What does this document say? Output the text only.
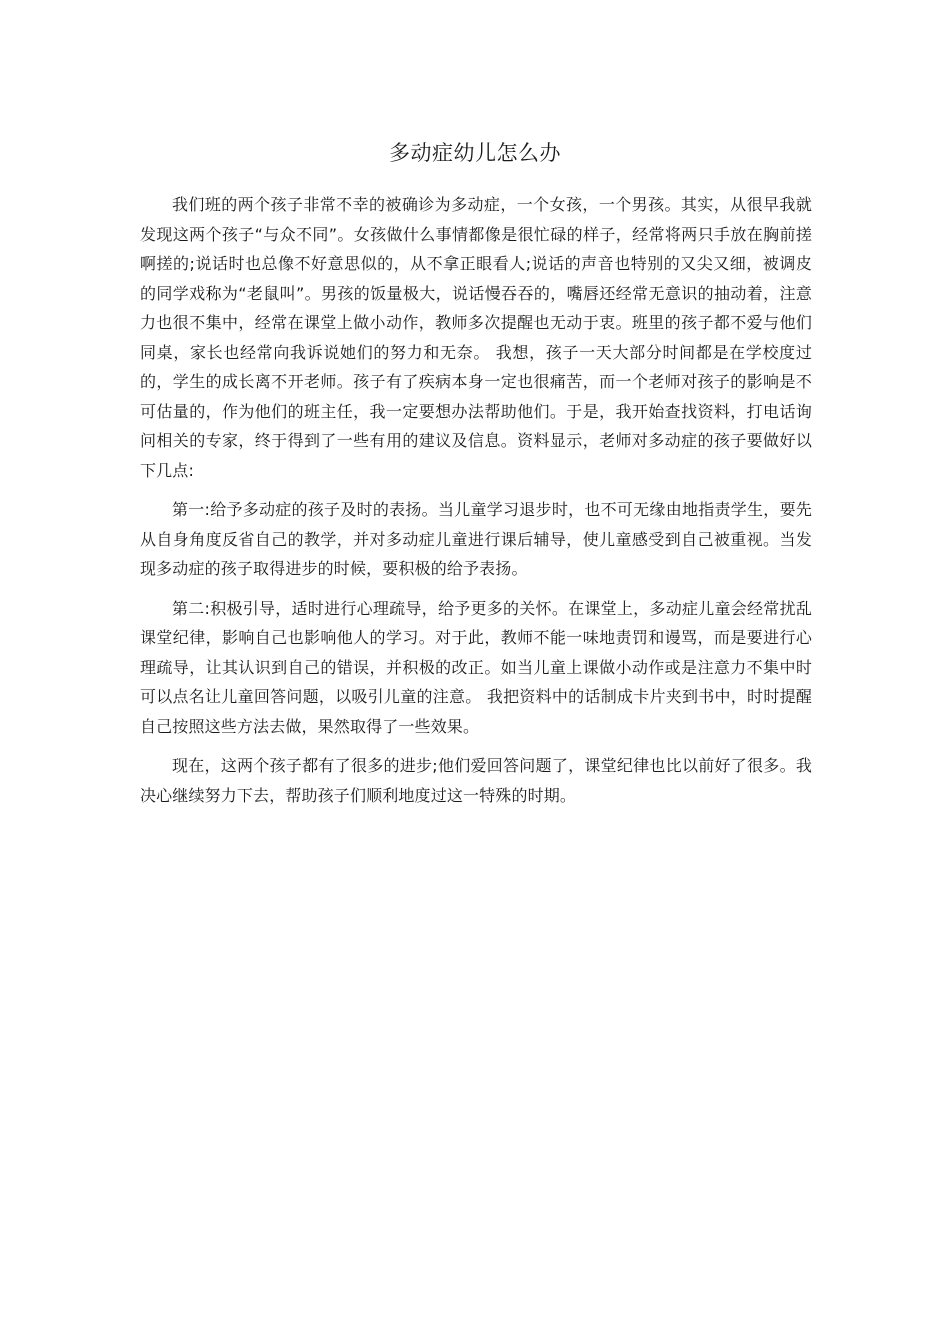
多动症幼儿怎么办

我们班的两个孩子非常不幸的被确诊为多动症，一个女孩，一个男孩。其实，从很早我就发现这两个孩子“与众不同”。女孩做什么事情都像是很忙碌的样子，经常将两只手放在胸前搓啊搓的;说话时也总像不好意思似的，从不拿正眼看人;说话的声音也特别的又尖又细，被调皮的同学戏称为“老鼠叫”。男孩的饭量极大，说话慢吞吞的，嘴唇还经常无意识的抽动着，注意力也很不集中，经常在课堂上做小动作，教师多次提醒也无动于衷。班里的孩子都不爱与他们同桌，家长也经常向我诉说她们的努力和无奈。 我想，孩子一天大部分时间都是在学校度过的，学生的成长离不开老师。孩子有了疾病本身一定也很痛苦，而一个老师对孩子的影响是不可估量的，作为他们的班主任，我一定要想办法帮助他们。于是，我开始查找资料，打电话询问相关的专家，终于得到了一些有用的建议及信息。资料显示，老师对多动症的孩子要做好以下几点:

第一:给予多动症的孩子及时的表扬。当儿童学习退步时，也不可无缘由地指责学生，要先从自身角度反省自己的教学，并对多动症儿童进行课后辅导，使儿童感受到自己被重视。当发现多动症的孩子取得进步的时候，要积极的给予表扬。

第二:积极引导，适时进行心理疏导，给予更多的关怀。在课堂上，多动症儿童会经常扰乱课堂纪律，影响自己也影响他人的学习。对于此，教师不能一味地责罚和谩骂，而是要进行心理疏导，让其认识到自己的错误，并积极的改正。如当儿童上课做小动作或是注意力不集中时可以点名让儿童回答问题，以吸引儿童的注意。 我把资料中的话制成卡片夹到书中，时时提醒自己按照这些方法去做，果然取得了一些效果。

现在，这两个孩子都有了很多的进步;他们爱回答问题了，课堂纪律也比以前好了很多。我决心继续努力下去，帮助孩子们顺利地度过这一特殊的时期。
